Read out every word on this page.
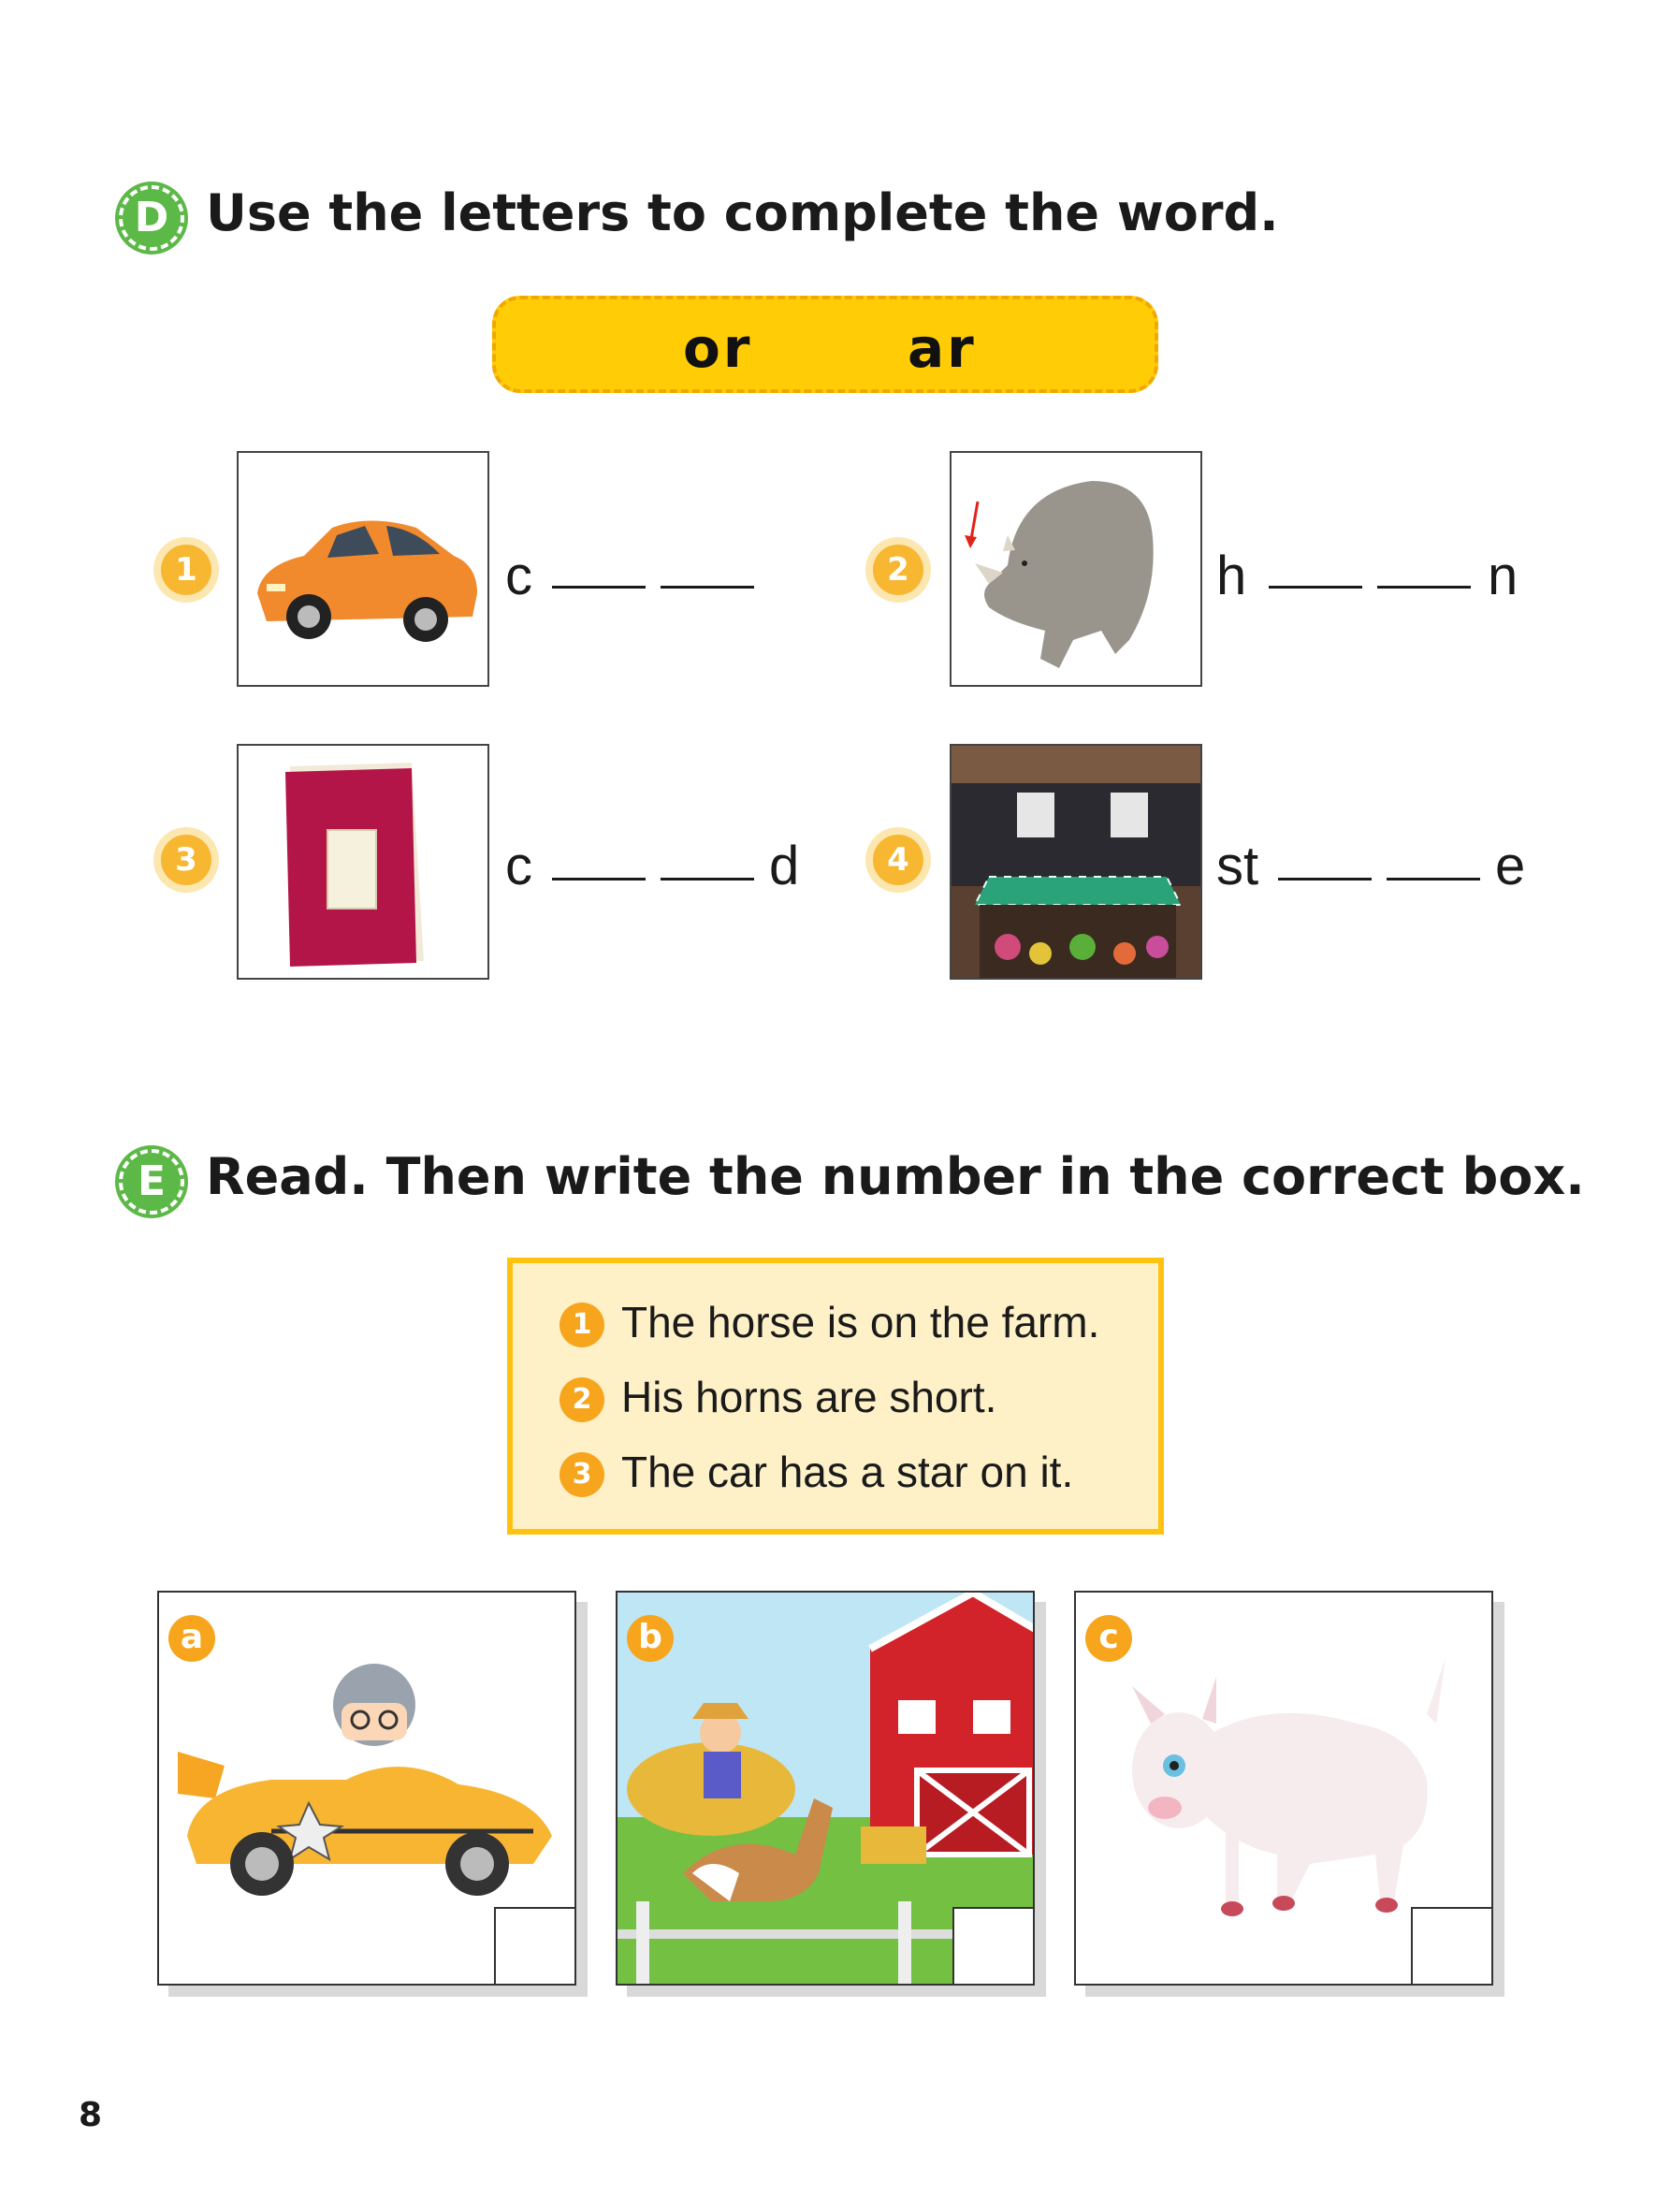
D Use the letters to complete the word.
or	ar
1	c	2	h	n
3	c	d	4	st	e
E Read. Then write the number in the correct box.
1 The horse is on the farm.
2 His horns are short.
3 The car has a star on it.
a	b	c
8
